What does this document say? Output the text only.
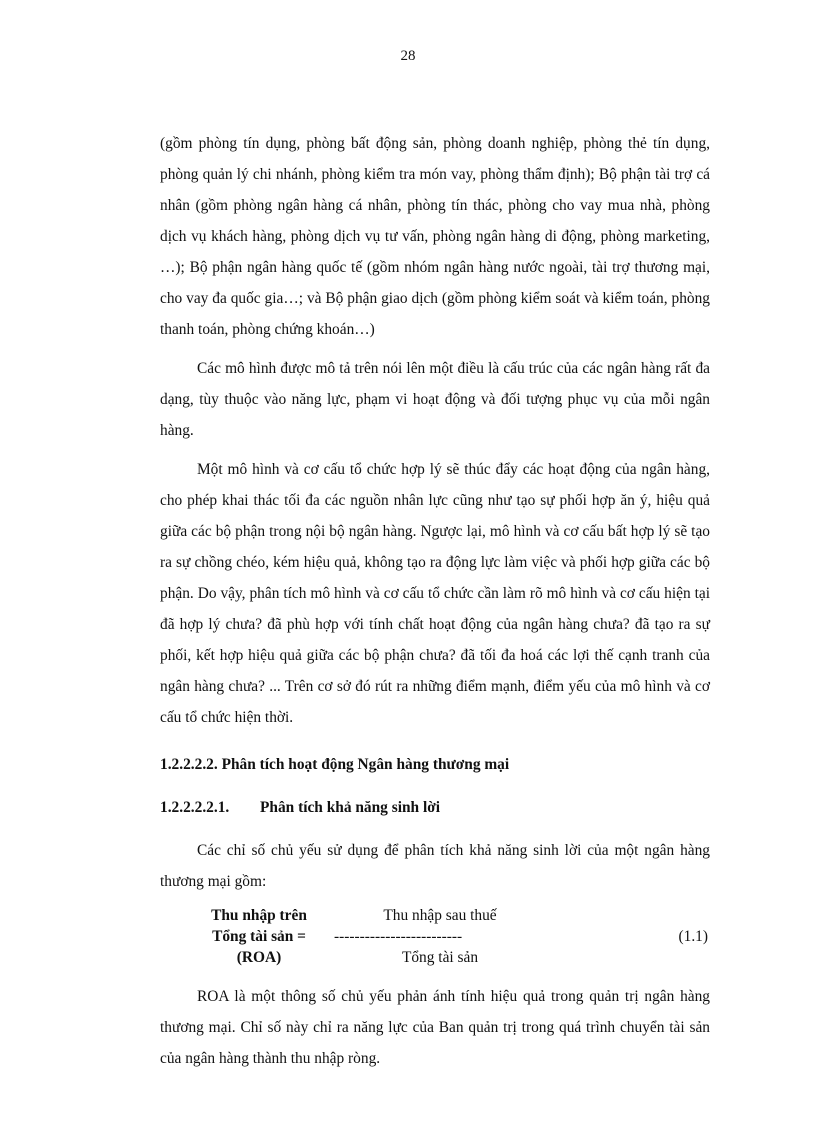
28

(gồm phòng tín dụng, phòng bất động sản, phòng doanh nghiệp, phòng thẻ tín dụng, phòng quản lý chi nhánh, phòng kiểm tra món vay, phòng thẩm định); Bộ phận tài trợ cá nhân (gồm phòng ngân hàng cá nhân, phòng tín thác, phòng cho vay mua nhà, phòng dịch vụ khách hàng, phòng dịch vụ tư vấn, phòng ngân hàng di động, phòng marketing, …); Bộ phận ngân hàng quốc tế (gồm nhóm ngân hàng nước ngoài, tài trợ thương mại, cho vay đa quốc gia…; và Bộ phận giao dịch (gồm phòng kiểm soát và kiểm toán, phòng thanh toán, phòng chứng khoán…)

Các mô hình được mô tả trên nói lên một điều là cấu trúc của các ngân hàng rất đa dạng, tùy thuộc vào năng lực, phạm vi hoạt động và đối tượng phục vụ của mỗi ngân hàng.

Một mô hình và cơ cấu tổ chức hợp lý sẽ thúc đẩy các hoạt động của ngân hàng, cho phép khai thác tối đa các nguồn nhân lực cũng như tạo sự phối hợp ăn ý, hiệu quả giữa các bộ phận trong nội bộ ngân hàng. Ngược lại, mô hình và cơ cấu bất hợp lý sẽ tạo ra sự chồng chéo, kém hiệu quả, không tạo ra động lực làm việc và phối hợp giữa các bộ phận. Do vậy, phân tích mô hình và cơ cấu tổ chức cần làm rõ mô hình và cơ cấu hiện tại đã hợp lý chưa? đã phù hợp với tính chất hoạt động của ngân hàng chưa? đã tạo ra sự phối, kết hợp hiệu quả giữa các bộ phận chưa? đã tối đa hoá các lợi thế cạnh tranh của ngân hàng chưa? ... Trên cơ sở đó rút ra những điểm mạnh, điểm yếu của mô hình và cơ cấu tổ chức hiện thời.

1.2.2.2.2. Phân tích hoạt động Ngân hàng thương mại

1.2.2.2.2.1. Phân tích khả năng sinh lời

Các chỉ số chủ yếu sử dụng để phân tích khả năng sinh lời của một ngân hàng thương mại gồm:

Thu nhập trên
Tổng tài sản =
(ROA)
Thu nhập sau thuế
-------------------------
Tổng tài sản
(1.1)

ROA là một thông số chủ yếu phản ánh tính hiệu quả trong quản trị ngân hàng thương mại. Chỉ số này chỉ ra năng lực của Ban quản trị trong quá trình chuyển tài sản của ngân hàng thành thu nhập ròng.
